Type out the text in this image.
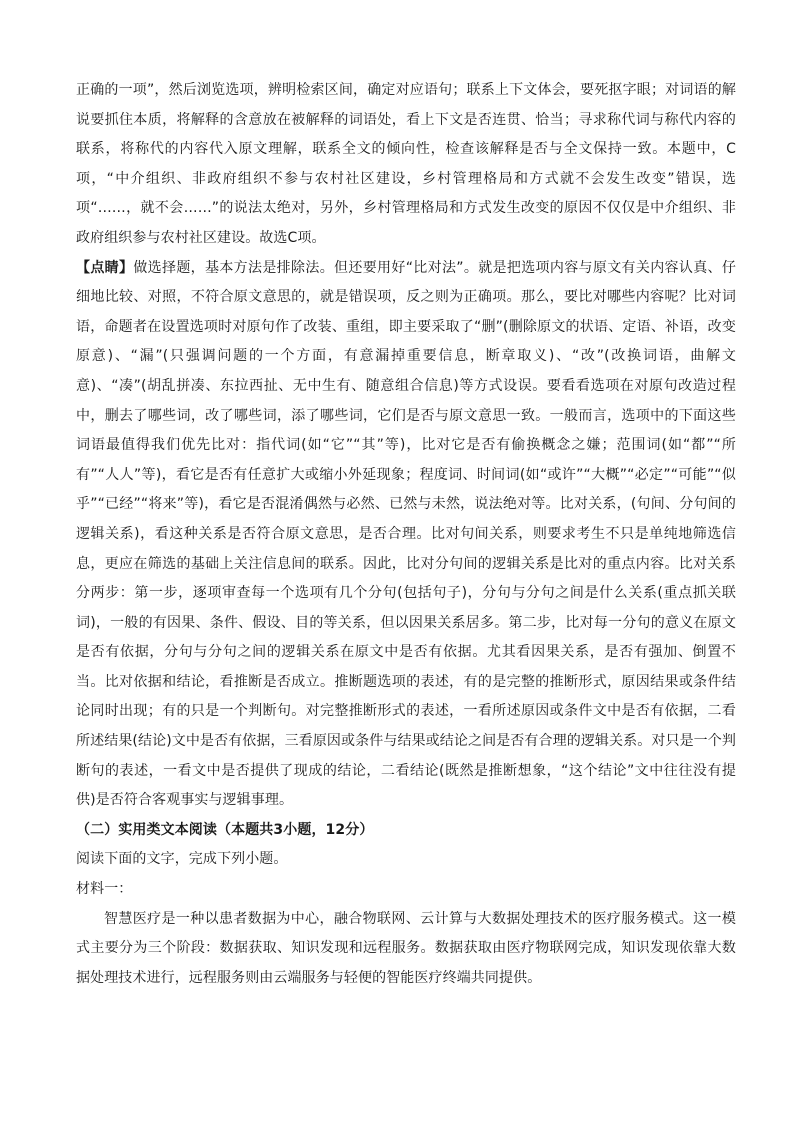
正确的一项”，然后浏览选项，辨明检索区间，确定对应语句；联系上下文体会，要死抠字眼；对词语的解说要抓住本质，将解释的含意放在被解释的词语处，看上下文是否连贯、恰当；寻求称代词与称代内容的联系，将称代的内容代入原文理解，联系全文的倾向性，检查该解释是否与全文保持一致。本题中，C项，“中介组织、非政府组织不参与农村社区建设，乡村管理格局和方式就不会发生改变”错误，选项“……，就不会……”的说法太绝对，另外，乡村管理格局和方式发生改变的原因不仅仅是中介组织、非政府组织参与农村社区建设。故选C项。

【点睛】做选择题，基本方法是排除法。但还要用好“比对法”。就是把选项内容与原文有关内容认真、仔细地比较、对照，不符合原文意思的，就是错误项，反之则为正确项。那么，要比对哪些内容呢？比对词语，命题者在设置选项时对原句作了改装、重组，即主要采取了“删”(删除原文的状语、定语、补语，改变原意)、“漏”(只强调问题的一个方面，有意漏掉重要信息，断章取义)、“改”(改换词语，曲解文意)、“凑”(胡乱拼凑、东拉西扯、无中生有、随意组合信息)等方式设误。要看看选项在对原句改造过程中，删去了哪些词，改了哪些词，添了哪些词，它们是否与原文意思一致。一般而言，选项中的下面这些词语最值得我们优先比对：指代词(如“它”“其”等)，比对它是否有偷换概念之嫌；范围词(如“都”“所有”“人人”等)，看它是否有任意扩大或缩小外延现象；程度词、时间词(如“或许”“大概”“必定”“可能”“似乎”“已经”“将来”等)，看它是否混淆偶然与必然、已然与未然，说法绝对等。比对关系，(句间、分句间的逻辑关系)，看这种关系是否符合原文意思，是否合理。比对句间关系，则要求考生不只是单纯地筛选信息，更应在筛选的基础上关注信息间的联系。因此，比对分句间的逻辑关系是比对的重点内容。比对关系分两步：第一步，逐项审查每一个选项有几个分句(包括句子)，分句与分句之间是什么关系(重点抓关联词)，一般的有因果、条件、假设、目的等关系，但以因果关系居多。第二步，比对每一分句的意义在原文是否有依据，分句与分句之间的逻辑关系在原文中是否有依据。尤其看因果关系，是否有强加、倒置不当。比对依据和结论，看推断是否成立。推断题选项的表述，有的是完整的推断形式，原因结果或条件结论同时出现；有的只是一个判断句。对完整推断形式的表述，一看所述原因或条件文中是否有依据，二看所述结果(结论)文中是否有依据，三看原因或条件与结果或结论之间是否有合理的逻辑关系。对只是一个判断句的表述，一看文中是否提供了现成的结论，二看结论(既然是推断想象，“这个结论”文中往往没有提供)是否符合客观事实与逻辑事理。

（二）实用类文本阅读（本题共3小题，12分）

阅读下面的文字，完成下列小题。

材料一：

智慧医疗是一种以患者数据为中心，融合物联网、云计算与大数据处理技术的医疗服务模式。这一模式主要分为三个阶段：数据获取、知识发现和远程服务。数据获取由医疗物联网完成，知识发现依靠大数据处理技术进行，远程服务则由云端服务与轻便的智能医疗终端共同提供。
